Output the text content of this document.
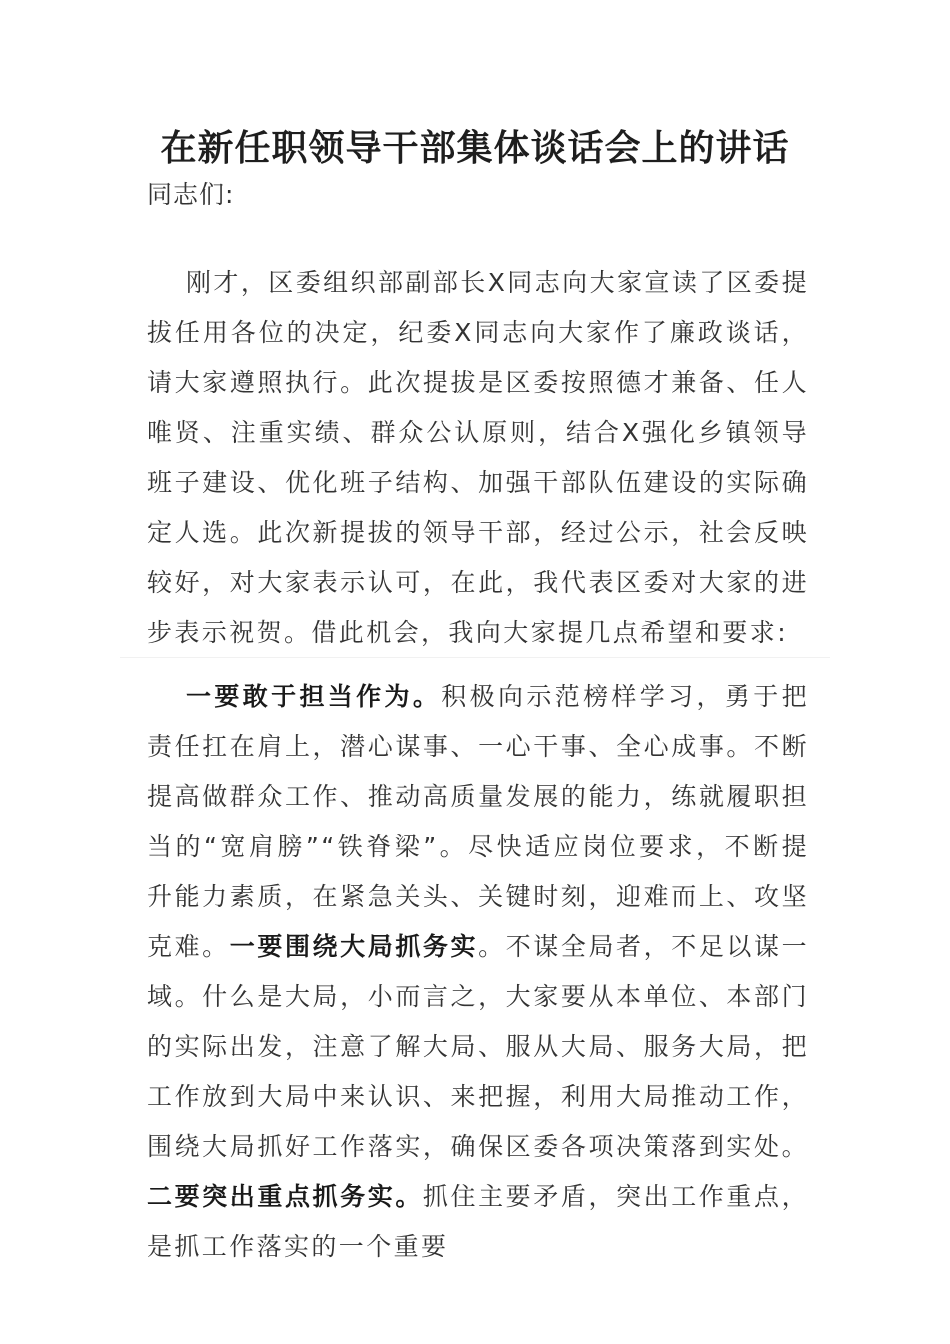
在新任职领导干部集体谈话会上的讲话
同志们:
刚才，区委组织部副部长X同志向大家宣读了区委提拔任用各位的决定，纪委X同志向大家作了廉政谈话，请大家遵照执行。此次提拔是区委按照德才兼备、任人唯贤、注重实绩、群众公认原则，结合X强化乡镇领导班子建设、优化班子结构、加强干部队伍建设的实际确定人选。此次新提拔的领导干部，经过公示，社会反映较好，对大家表示认可，在此，我代表区委对大家的进步表示祝贺。借此机会，我向大家提几点希望和要求:
一要敢于担当作为。积极向示范榜样学习，勇于把责任扛在肩上，潜心谋事、一心干事、全心成事。不断提高做群众工作、推动高质量发展的能力，练就履职担当的“宽肩膀”“铁脊梁”。尽快适应岗位要求，不断提升能力素质，在紧急关头、关键时刻，迎难而上、攻坚克难。一要围绕大局抓务实。不谋全局者，不足以谋一域。什么是大局，小而言之，大家要从本单位、本部门的实际出发，注意了解大局、服从大局、服务大局，把工作放到大局中来认识、来把握，利用大局推动工作，围绕大局抓好工作落实，确保区委各项决策落到实处。二要突出重点抓务实。抓住主要矛盾，突出工作重点，是抓工作落实的一个重要
